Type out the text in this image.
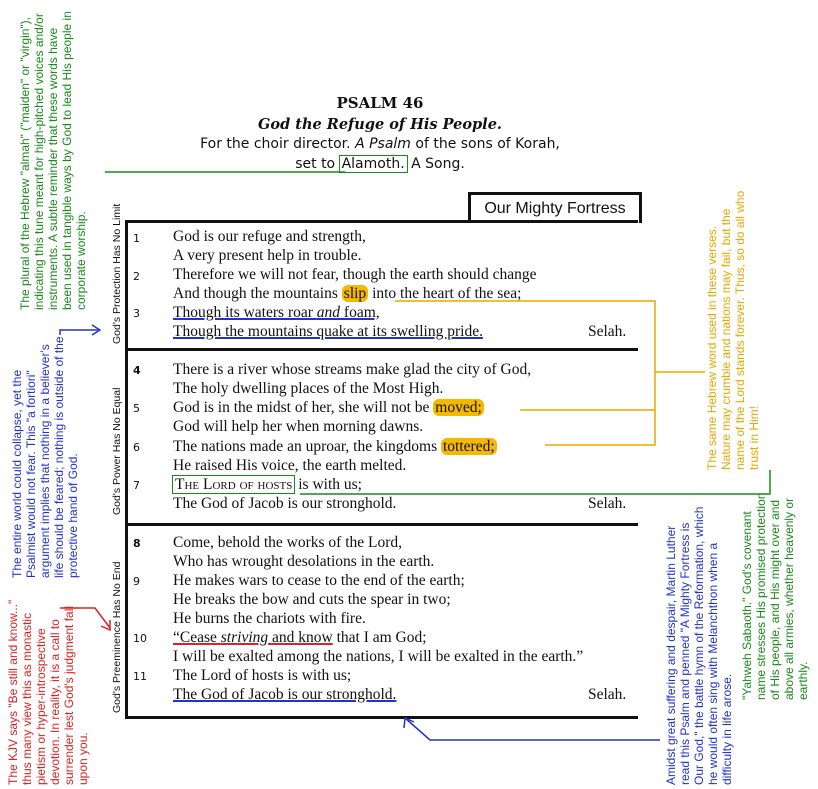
PSALM 46
God the Refuge of His People.
For the choir director. A Psalm of the sons of Korah,
set to Alamoth. A Song.
Our Mighty Fortress
God's Protection Has No Limit
God's Power Has No Equal
God's Preeminence Has No End
1
2
3
4
5
6
7
8
9
10
11
God is our refuge and strength,
A very present help in trouble.
Therefore we will not fear, though the earth should change
And though the mountains slip into the heart of the sea;
Though its waters roar and foam,
Though the mountains quake at its swelling pride.	Selah.
There is a river whose streams make glad the city of God,
The holy dwelling places of the Most High.
God is in the midst of her, she will not be moved;
God will help her when morning dawns.
The nations made an uproar, the kingdoms tottered;
He raised His voice, the earth melted.
The Lord of hosts is with us;
The God of Jacob is our stronghold.	Selah.
Come, behold the works of the Lord,
Who has wrought desolations in the earth.
He makes wars to cease to the end of the earth;
He breaks the bow and cuts the spear in two;
He burns the chariots with fire.
“Cease striving and know that I am God;
I will be exalted among the nations, I will be exalted in the earth.”
The Lord of hosts is with us;
The God of Jacob is our stronghold.	Selah.
The plural of the Hebrew "almah" ("maiden" or "virgin"), indicating this tune meant for high-pitched voices and/or instruments. A subtle reminder that these words have been used in tangible ways by God to lead His people in corporate worship.
The entire world could collapse, yet the Psalmist would not fear. This "a fortiori" argument implies that nothing in a believer's life should be feared; nothing is outside of the protective hand of God.
The KJV says "Be still and know..." thus many view this as monastic pietism or hyper-introspective devotion. In reality, it is a call to surrender lest God's judgment fall upon you.
The same Hebrew word used in these verses. Nature may crumble and nations may fail, but the name of the Lord stands forever. Thus, so do all who trust in Him!
Amidst great suffering and despair, Martin Luther read this Psalm and penned "A Mighty Fortress is Our God," the battle hymn of the Reformation, which he would often sing with Melanchthon when a difficulty in life arose.
"Yahweh Sabaoth." God's covenant name stresses His promised protection of His people, and His might over and above all armies, whether heavenly or earthly.
